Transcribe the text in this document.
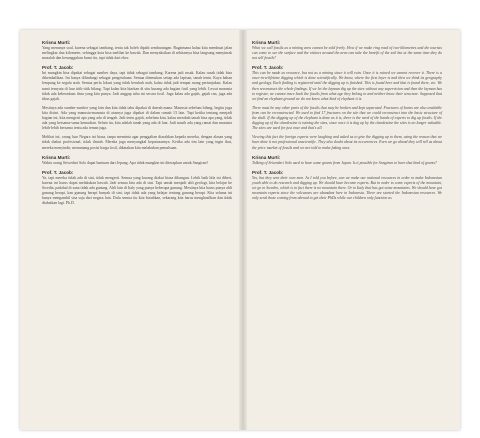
Krisna Murti:

Yang menanya soal, karena sebagai tambang, tentu tak boleh dipahi sembarangan. Bagaimana kalau kita membuat jalan melingkar dua kilometer, sehingga kota bisa melihat ke bawah. Dan menyaksikan di sekitarnya bisa langsung menyimak masalah dan kesungguhan bumi itu, tapi tidak dari ekor.

Prof. T. Jacob:

Ini mungkin bisa dipakai sebagai sumber daya, tapi tidak sebagai tambang. Karena jadi rusak. Kalau rusak tidak bisa dikembalikan. Ini hanya dilindungi sebagai pengetahuan. Semua ditemukan setiap ada lapisan, tanah tentu. Kaya bahan lempung ke segala arah. Semua perlu lokasi yang tidak berubah arah, kalau tidak jadi tempat ruang pertunjukan. Kalau nanti ternyata di luar titik-titik hilang. Tapi kalau kita biarkan di situ kurang ada bagian fosil yang lebih. Lewat manusia tidak ada keberadaan ilmu yang kita punya. Jadi anggap tahu ini secara fosil. Juga kalau ada gajah, gajah ran, juga ada tikus gajah.

Mestinya ada sumber-sumber yang lain dan kita tidak tahu dipakai di daerah mana. Manusia sebelum hilang, begitu juga kita disini. Ada yang manusia-manusia di atasnya juga dipakai di dalam rumah 13 lain. Tapi ketika tentang menjadi bagian ini, kita mengerti apa yang ada di tengah. Jadi tentu gajah, sebelum kita, kalau merabah tanah bisa apa yang, tidak ada yang bersama-sama kemudian. Selain itu, kita adalah tanah yang ada di luar. Jadi masih ada yang ramai dan manusia lebih-lebih bersama tentu ada teman juga.

Melihat ini, orang luar Negara ini biasa, tanpa meminta agar penggalian diarahkan kepada mereka, dengan alasan yang tidak diakui profesional, tidak ilmiah. Mereka juga menyangkal keputusannya. Ketika ada tim lain yang ingin ikut, mereka menyindir, menantang posisi harga fosil, dikatakan kita melakukan pemalsuan.

Krisna Murti:

Waktu orang Sriwedari Solo dapat bantuan dari Jepang. Apa tidak mungkin ini diterapkan untuk Sangiran?

Prof. T. Jacob:

Ya, tapi mereka tidak ada di sini, tidak mengerti. Semua yang kurang diakui biasa dibangun. Lebih baik bila ini diberi, karena ini harus dapat melakukan bawah. Jadi semua kita ada di sini. Tapi untuk menjadi ahli geologi, kita belajar ke Swedia, padahal di sana tidak ada gunung. Ahli lain di Italy yang punya beberapa gunung. Mestinya kita harus punya ahli gunung berapi, kan gunung berapi banyak di sini, tapi tidak ada yang belajar tentang gunung berapi. Kita selama ini hanya mengambil sisa saja dari negara lain. Dulu semua itu kita butuhkan, sekarang kita harus menghasilkan dan tidak diabaikan lagi. Ph.D.

Krisna Murti:

What we call fossils as a mining area cannot be sold freely. How if we make ring road of two-kilometres and the tourists can come to see the surface and the visitors around the area can take the benefit of the soil but at the same time they do not sell fossils?

Prof. T. Jacob:

This can be made as resource, but not as a mining since it will ruin. Once it is ruined we cannot recover it. There is a once-in-a-lifetime digging which is done scientifically. We know, where the first layer is and then we think its geography and geology. Each finding is registered until the digging up is finished. This is found here and that is found there, etc. We then reconstruct the whole findings. If we let the layman dig up the sites without any supervision and then the layman has to register, we cannot trace back the fossils from what age they belong to and neither know their structure. Supposed that we find an elephant ground we do not know what kind of elephant it is.

There must be any other parts of the fossils that may be broken and kept separated. Fractures of bones are also available from can be reconstructed. We used to find 17 fractures on the site that we could reconstruct into the basic structure of the skull. If the digging up of the elephant is done as it is, there is the need of the hands of experts to dig up fossils. If the digging up of the clandestine is ruining the sites, since once it is dug up by the clandestine the sites is no longer valuable. The sites are used for just once and that's all.

Viewing this fact the foreign experts were laughing and asked us to give the digging up to them, using the reason that we have done it not professional unscientific. They also doubt about its occurrences. Even we go ahead they will tell us about the price market of fossils and we are told to make faking ones.

Krisna Murti:

Talking of Sriwedari Solo used to have some grants from Japan. Is it possible for Sangiran to have that kind of grants?

Prof. T. Jacob:

Yes, but they sent their own men. As I told you before, can we make our national resources in order to make Indonesian youth able to do research and digging up. We should have become experts. But in order to come experts of the mountain, we go to Sweden, which is in fact there is no mountain there. Or to Italy that has got some mountains. We should have got mountain experts since the volcanoes are abundant here in Indonesia. There are started the Indonesian resources. We only send those coming from abroad to get their PhDs while our children only function as
